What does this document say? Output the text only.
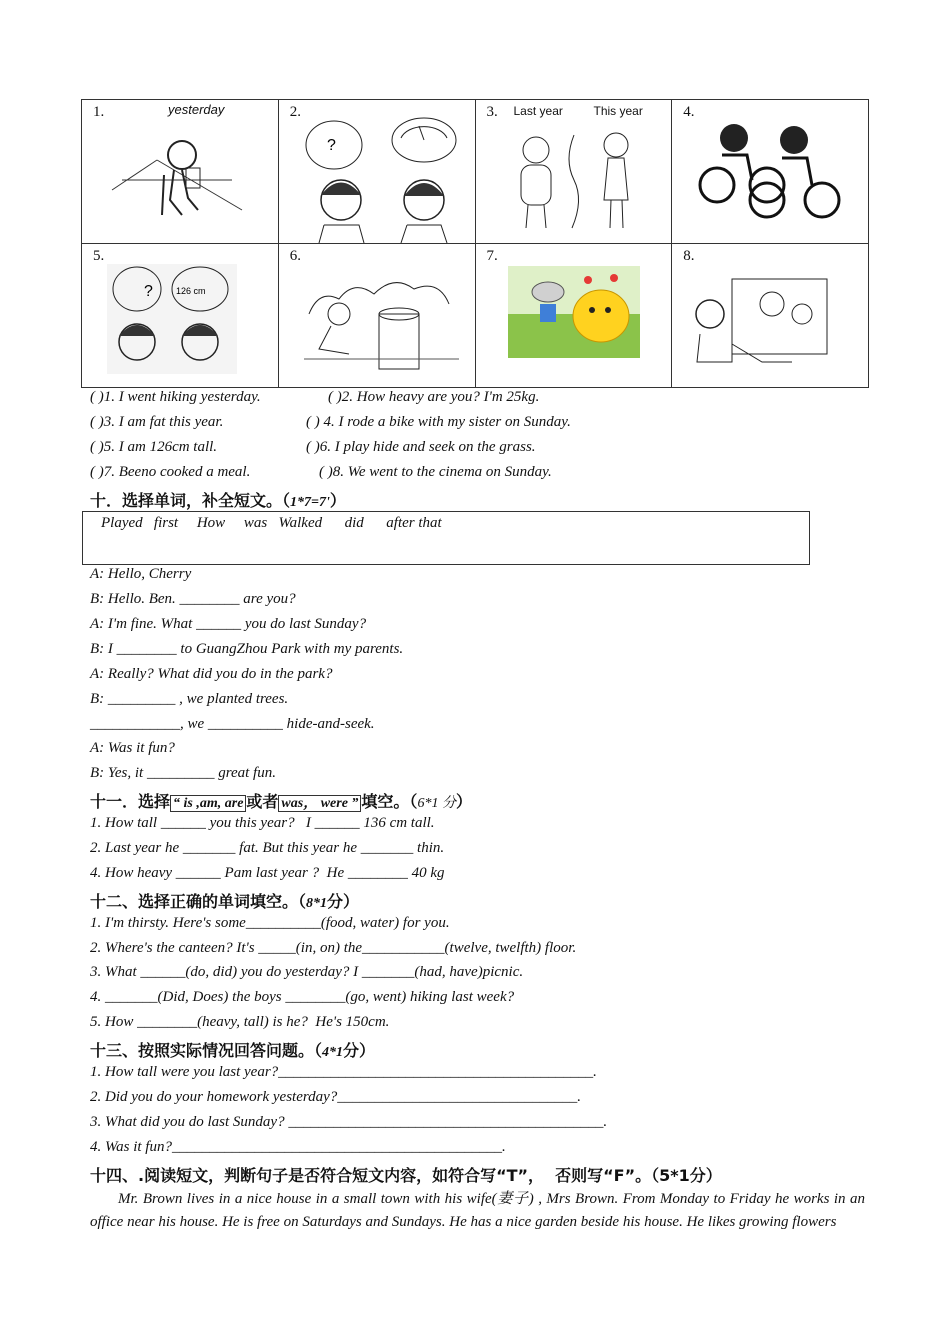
1. yesterday	2.
?	3. Last year This year	4.

5.
? 126 cm	6.	7.	8.
( )1. I went hiking yesterday.	( )2. How heavy are you? I'm 25kg.
( )3. I am fat this year.	( ) 4. I rode a bike with my sister on Sunday.
( )5. I am 126cm tall.	( )6. I play hide and seek on the grass.
( )7. Beeno cooked a meal.	( )8. We went to the cinema on Sunday.
十．选择单词，补全短文。（1*7=7'）
Played   first     How     was   Walked      did      after that
A: Hello, Cherry
B: Hello. Ben. ________ are you?
A: I'm fine. What ______ you do last Sunday?
B: I ________ to GuangZhou Park with my parents.
A: Really? What did you do in the park?
B: _________ , we planted trees.
____________, we __________ hide-and-seek.
A: Was it fun?
B: Yes, it _________ great fun.
十一．选择 “ is ,am, are 或者 was， were ” 填空。（6*1 分）
1. How tall ______ you this year?   I ______ 136 cm tall.
2. Last year he _______ fat. But this year he _______ thin.
4. How heavy ______ Pam last year ?  He ________ 40 kg
十二、选择正确的单词填空。（8*1分）
1. I'm thirsty. Here's some__________(food, water) for you.
2. Where's the canteen? It's _____(in, on) the___________(twelve, twelfth) floor.
3. What ______(do, did) you do yesterday? I _______(had, have)picnic.
4. _______(Did, Does) the boys ________(go, went) hiking last week?
5. How ________(heavy, tall) is he?  He's 150cm.
十三、按照实际情况回答问题。（4*1分）
1. How tall were you last year?__________________________________________.
2. Did you do your homework yesterday?________________________________.
3. What did you do last Sunday? __________________________________________.
4. Was it fun?____________________________________________.
十四、.阅读短文，判断句子是否符合短文内容，如符合写“T”，  否则写“F”。（5*1分）
Mr. Brown lives in a nice house in a small town with his wife(妻子) , Mrs Brown. From Monday to Friday he works in an office near his house. He is free on Saturdays and Sundays. He has a nice garden beside his house. He likes growing flowers
